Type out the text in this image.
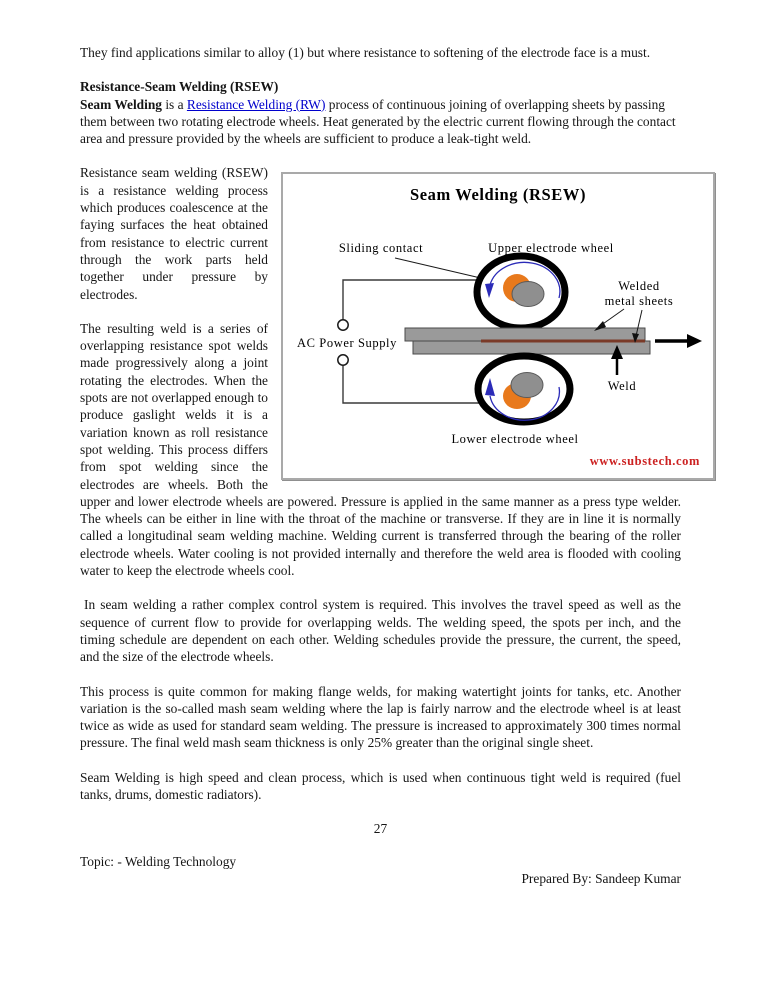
They find applications similar to alloy (1) but where resistance to softening of the electrode face is a must.

Resistance-Seam Welding (RSEW)

Seam Welding is a Resistance Welding (RW) process of continuous joining of overlapping sheets by passing them between two rotating electrode wheels. Heat generated by the electric current flowing through the contact area and pressure provided by the wheels are sufficient to produce a leak-tight weld.

Seam Welding (RSEW)
Sliding contact	Upper electrode wheel
Welded
metal sheets
Weld
AC Power Supply
Lower electrode wheel
www.substech.com

Resistance seam welding (RSEW) is a resistance welding process which produces coalescence at the faying surfaces the heat obtained from resistance to electric current through the work parts held together under pressure by electrodes.

The resulting weld is a series of overlapping resistance spot welds made progressively along a joint rotating the electrodes. When the spots are not overlapped enough to produce gaslight welds it is a variation known as roll resistance spot welding. This process differs from spot welding since the electrodes are wheels. Both the upper and lower electrode wheels are powered. Pressure is applied in the same manner as a press type welder. The wheels can be either in line with the throat of the machine or transverse. If they are in line it is normally called a longitudinal seam welding machine. Welding current is transferred through the bearing of the roller electrode wheels. Water cooling is not provided internally and therefore the weld area is flooded with cooling water to keep the electrode wheels cool.

In seam welding a rather complex control system is required. This involves the travel speed as well as the sequence of current flow to provide for overlapping welds. The welding speed, the spots per inch, and the timing schedule are dependent on each other. Welding schedules provide the pressure, the current, the speed, and the size of the electrode wheels.

This process is quite common for making flange welds, for making watertight joints for tanks, etc. Another variation is the so-called mash seam welding where the lap is fairly narrow and the electrode wheel is at least twice as wide as used for standard seam welding. The pressure is increased to approximately 300 times normal pressure. The final weld mash seam thickness is only 25% greater than the original single sheet.

Seam Welding is high speed and clean process, which is used when continuous tight weld is required (fuel tanks, drums, domestic radiators).

27

Topic: - Welding Technology

Prepared By: Sandeep Kumar
